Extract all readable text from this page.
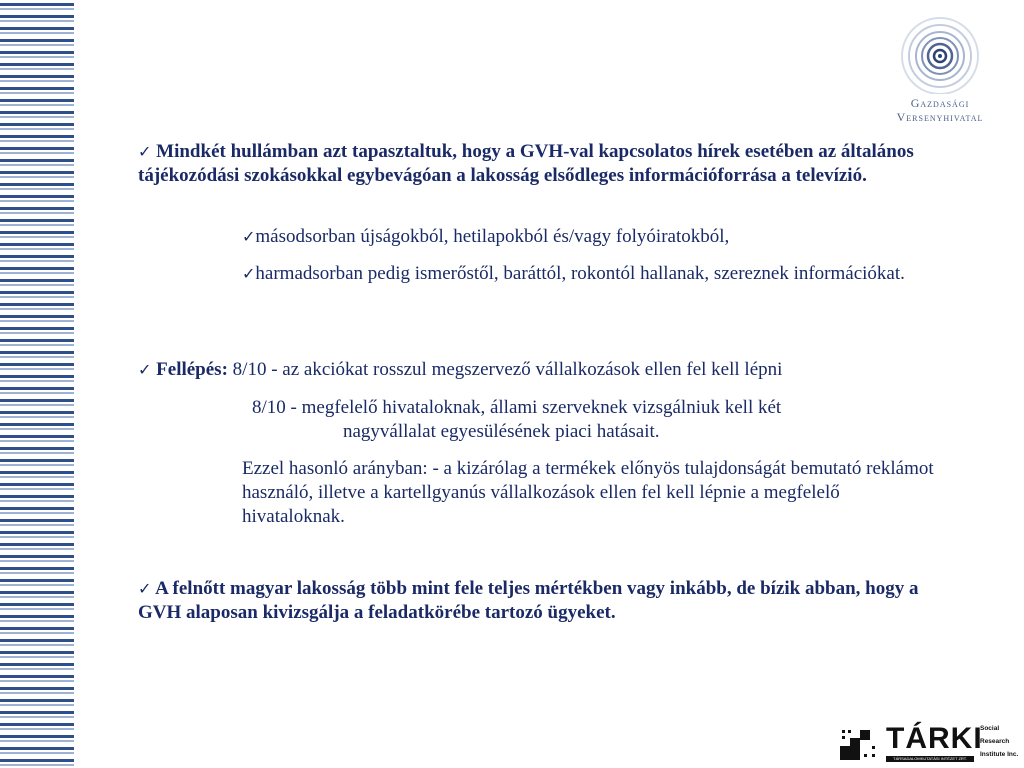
Gazdasági
Versenyhivatal

✓ Mindkét hullámban azt tapasztaltuk, hogy a GVH-val kapcsolatos hírek esetében az általános tájékozódási szokásokkal egybevágóan a lakosság elsődleges információforrása a televízió.

✓másodsorban újságokból, hetilapokból és/vagy folyóiratokból,

✓harmadsorban pedig ismerőstől, baráttól, rokontól hallanak, szereznek információkat.

✓ Fellépés: 8/10 - az akciókat rosszul megszervező vállalkozások ellen fel kell lépni

8/10 - megfelelő hivataloknak, állami szerveknek vizsgálniuk kell két

nagyvállalat egyesülésének piaci hatásait.

Ezzel hasonló arányban: - a kizárólag a termékek előnyös tulajdonságát bemutató reklámot használó, illetve a kartellgyanús vállalkozások ellen fel kell lépnie a megfelelő hivataloknak.

✓ A felnőtt magyar lakosság több mint fele teljes mértékben vagy inkább, de bízik abban, hogy a GVH alaposan kivizsgálja a feladatkörébe tartozó ügyeket.

TÁRKI
TÁRSADALOMKUTATÁSI INTÉZET ZRT.
Social
Research
Institute Inc.
